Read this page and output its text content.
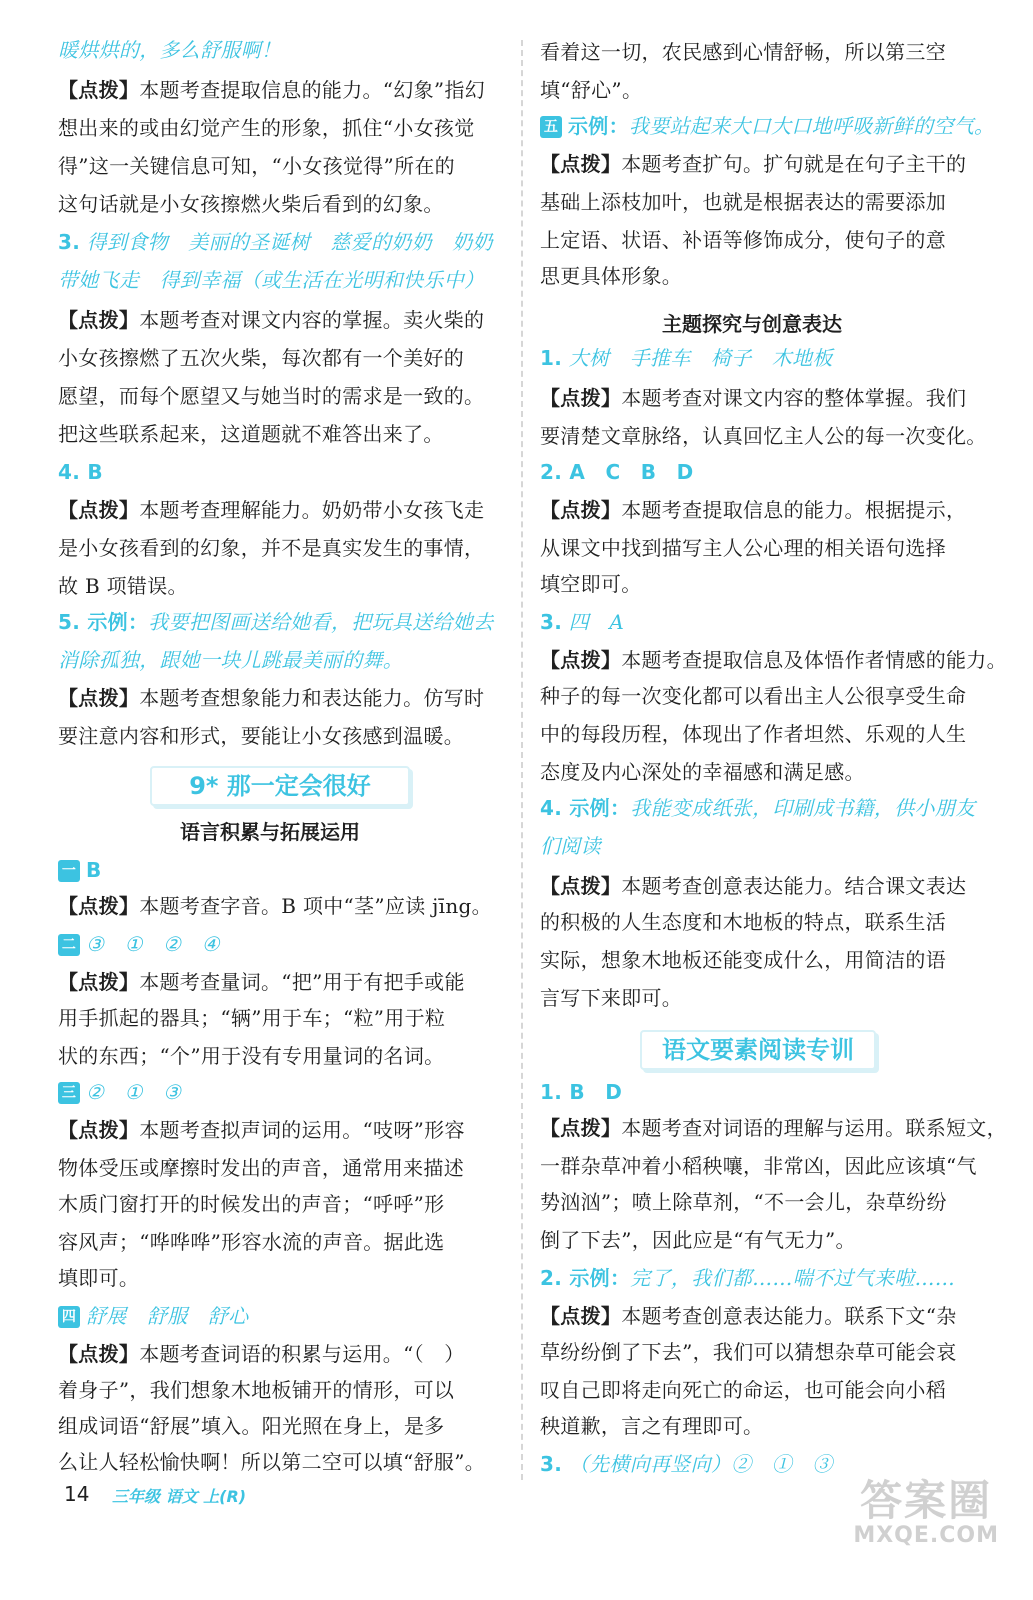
暖烘烘的，多么舒服啊！
【点拨】本题考查提取信息的能力。“幻象”指幻
想出来的或由幻觉产生的形象，抓住“小女孩觉
得”这一关键信息可知，“小女孩觉得”所在的
这句话就是小女孩擦燃火柴后看到的幻象。
3. 得到食物　美丽的圣诞树　慈爱的奶奶　奶奶
带她飞走　得到幸福（或生活在光明和快乐中）
【点拨】本题考查对课文内容的掌握。卖火柴的
小女孩擦燃了五次火柴，每次都有一个美好的
愿望，而每个愿望又与她当时的需求是一致的。
把这些联系起来，这道题就不难答出来了。
4. B
【点拨】本题考查理解能力。奶奶带小女孩飞走
是小女孩看到的幻象，并不是真实发生的事情，
故 B 项错误。
5. 示例：我要把图画送给她看，把玩具送给她去
消除孤独，跟她一块儿跳最美丽的舞。
【点拨】本题考查想象能力和表达能力。仿写时
要注意内容和形式，要能让小女孩感到温暖。
9* 那一定会很好
语言积累与拓展运用
一 B
【点拨】本题考查字音。B 项中“茎”应读 jīng。
二 ③　①　②　④
【点拨】本题考查量词。“把”用于有把手或能
用手抓起的器具；“辆”用于车；“粒”用于粒
状的东西；“个”用于没有专用量词的名词。
三 ②　①　③
【点拨】本题考查拟声词的运用。“吱呀”形容
物体受压或摩擦时发出的声音，通常用来描述
木质门窗打开的时候发出的声音；“呼呼”形
容风声；“哗哗哗”形容水流的声音。据此选
填即可。
四 舒展　舒服　舒心
【点拨】本题考查词语的积累与运用。“（　）
着身子”，我们想象木地板铺开的情形，可以
组成词语“舒展”填入。阳光照在身上，是多
么让人轻松愉快啊！所以第二空可以填“舒服”。
看着这一切，农民感到心情舒畅，所以第三空
填“舒心”。
五 示例：我要站起来大口大口地呼吸新鲜的空气。
【点拨】本题考查扩句。扩句就是在句子主干的
基础上添枝加叶，也就是根据表达的需要添加
上定语、状语、补语等修饰成分，使句子的意
思更具体形象。
1. 大树　手推车　椅子　木地板
【点拨】本题考查对课文内容的整体掌握。我们
要清楚文章脉络，认真回忆主人公的每一次变化。
2. A　C　B　D
【点拨】本题考查提取信息的能力。根据提示，
从课文中找到描写主人公心理的相关语句选择
填空即可。
3. 四　A
【点拨】本题考查提取信息及体悟作者情感的能力。
种子的每一次变化都可以看出主人公很享受生命
中的每段历程，体现出了作者坦然、乐观的人生
态度及内心深处的幸福感和满足感。
4. 示例：我能变成纸张，印刷成书籍，供小朋友
们阅读
【点拨】本题考查创意表达能力。结合课文表达
的积极的人生态度和木地板的特点，联系生活
实际，想象木地板还能变成什么，用简洁的语
言写下来即可。
1. B　D
【点拨】本题考查对词语的理解与运用。联系短文，
一群杂草冲着小稻秧嚷，非常凶，因此应该填“气
势汹汹”；喷上除草剂，“不一会儿，杂草纷纷
倒了下去”，因此应是“有气无力”。
2. 示例：完了，我们都……喘不过气来啦……
【点拨】本题考查创意表达能力。联系下文“杂
草纷纷倒了下去”，我们可以猜想杂草可能会哀
叹自己即将走向死亡的命运，也可能会向小稻
秧道歉，言之有理即可。
3. （先横向再竖向）②　①　③
主题探究与创意表达
语文要素阅读专训
14 三年级 语文 上(R)	答案圈
MXQE.COM
